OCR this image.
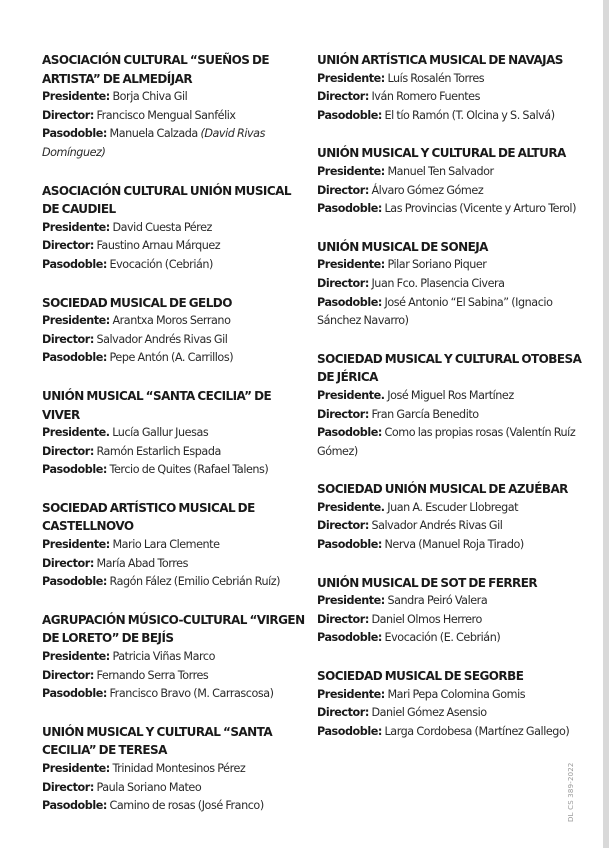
ASOCIACIÓN CULTURAL “SUEÑOS DE ARTISTA” DE ALMEDÍJAR

Presidente: Borja Chiva Gil

Director: Francisco Mengual Sanfélix

Pasodoble: Manuela Calzada (David Rivas Domínguez)

ASOCIACIÓN CULTURAL UNIÓN MUSICAL DE CAUDIEL

Presidente: David Cuesta Pérez

Director: Faustino Arnau Márquez

Pasodoble: Evocación (Cebrián)

SOCIEDAD MUSICAL DE GELDO

Presidente: Arantxa Moros Serrano

Director: Salvador Andrés Rivas Gil

Pasodoble: Pepe Antón (A. Carrillos)

UNIÓN MUSICAL “SANTA CECILIA” DE VIVER

Presidente. Lucía Gallur Juesas

Director: Ramón Estarlich Espada

Pasodoble: Tercio de Quites (Rafael Talens)

SOCIEDAD ARTÍSTICO MUSICAL DE CASTELLNOVO

Presidente: Mario Lara Clemente

Director: María Abad Torres

Pasodoble: Ragón Fález (Emilio Cebrián Ruíz)

AGRUPACIÓN MÚSICO-CULTURAL “VIRGEN DE LORETO” DE BEJÍS

Presidente: Patricia Viñas Marco

Director: Fernando Serra Torres

Pasodoble: Francisco Bravo (M. Carrascosa)

UNIÓN MUSICAL Y CULTURAL “SANTA CECILIA” DE TERESA

Presidente: Trinidad Montesinos Pérez

Director: Paula Soriano Mateo

Pasodoble: Camino de rosas (José Franco)

UNIÓN ARTÍSTICA MUSICAL DE NAVAJAS

Presidente: Luís Rosalén Torres

Director: Iván Romero Fuentes

Pasodoble: El tío Ramón (T. Olcina y S. Salvá)

UNIÓN MUSICAL Y CULTURAL DE ALTURA

Presidente: Manuel Ten Salvador

Director: Álvaro Gómez Gómez

Pasodoble: Las Provincias (Vicente y Arturo Terol)

UNIÓN MUSICAL DE SONEJA

Presidente: Pilar Soriano Piquer

Director: Juan Fco. Plasencia Civera

Pasodoble: José Antonio “El Sabina” (Ignacio Sánchez Navarro)

SOCIEDAD MUSICAL Y CULTURAL OTOBESA DE JÉRICA

Presidente. José Miguel Ros Martínez

Director: Fran García Benedito

Pasodoble: Como las propias rosas (Valentín Ruíz Gómez)

SOCIEDAD UNIÓN MUSICAL DE AZUÉBAR

Presidente. Juan A. Escuder Llobregat

Director: Salvador Andrés Rivas Gil

Pasodoble: Nerva (Manuel Roja Tirado)

UNIÓN MUSICAL DE SOT DE FERRER

Presidente: Sandra Peiró Valera

Director: Daniel Olmos Herrero

Pasodoble: Evocación (E. Cebrián)

SOCIEDAD MUSICAL DE SEGORBE

Presidente: Mari Pepa Colomina Gomis

Director: Daniel Gómez Asensio

Pasodoble: Larga Cordobesa (Martínez Gallego)

DL CS 389-2022
